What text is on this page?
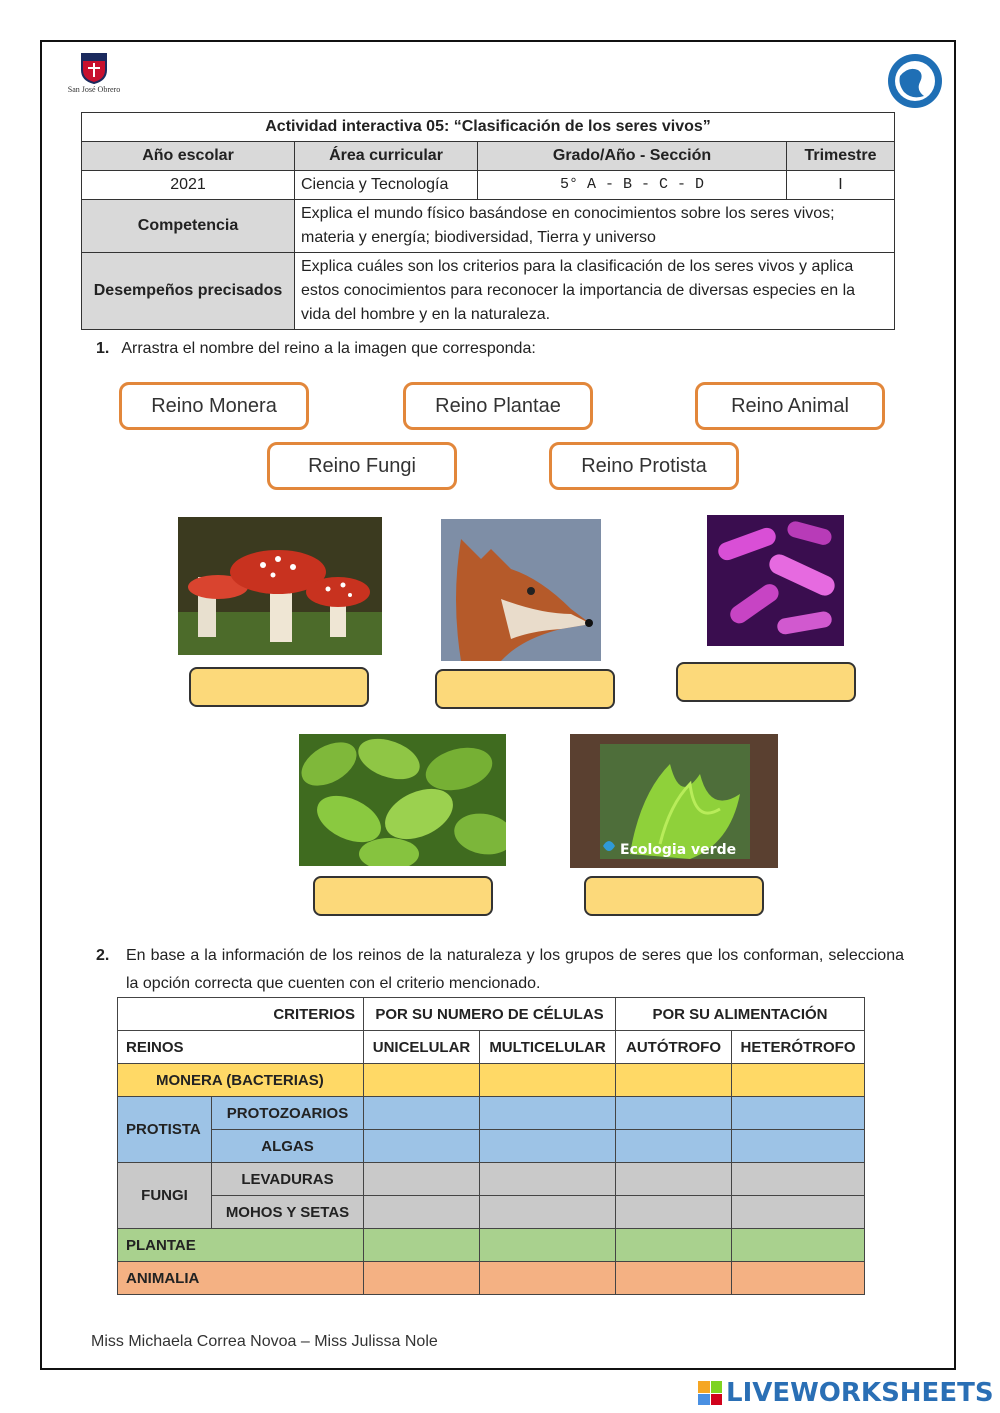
San José Obrero
Actividad interactiva 05: “Clasificación de los seres vivos”			
Año escolar	Área curricular	Grado/Año - Sección	Trimestre
2021	Ciencia y Tecnología	5° A - B - C - D	I
Competencia	Explica el mundo físico basándose en conocimientos sobre los seres vivos; materia y energía; biodiversidad, Tierra y universo		
Desempeños precisados	Explica cuáles son los criterios para la clasificación de los seres vivos y aplica estos conocimientos para reconocer la importancia de diversas especies en la vida del hombre y en la naturaleza.		
1. Arrastra el nombre del reino a la imagen que corresponda:
Reino Monera	Reino Plantae	Reino Animal
Reino Fungi	Reino Protista
Ecologia verde
2. En base a la información de los reinos de la naturaleza y los grupos de seres que los conforman, selecciona la opción correcta que cuenten con el criterio mencionado.
CRITERIOS		POR SU NUMERO DE CÉLULAS		POR SU ALIMENTACIÓN	
REINOS		UNICELULAR	MULTICELULAR	AUTÓTROFO	HETERÓTROFO
MONERA (BACTERIAS)					
PROTISTA	PROTOZOARIOS				
	ALGAS				
FUNGI	LEVADURAS				
	MOHOS Y SETAS				
PLANTAE					
ANIMALIA					
Miss Michaela Correa Novoa – Miss Julissa Nole
LIVEWORKSHEETS
